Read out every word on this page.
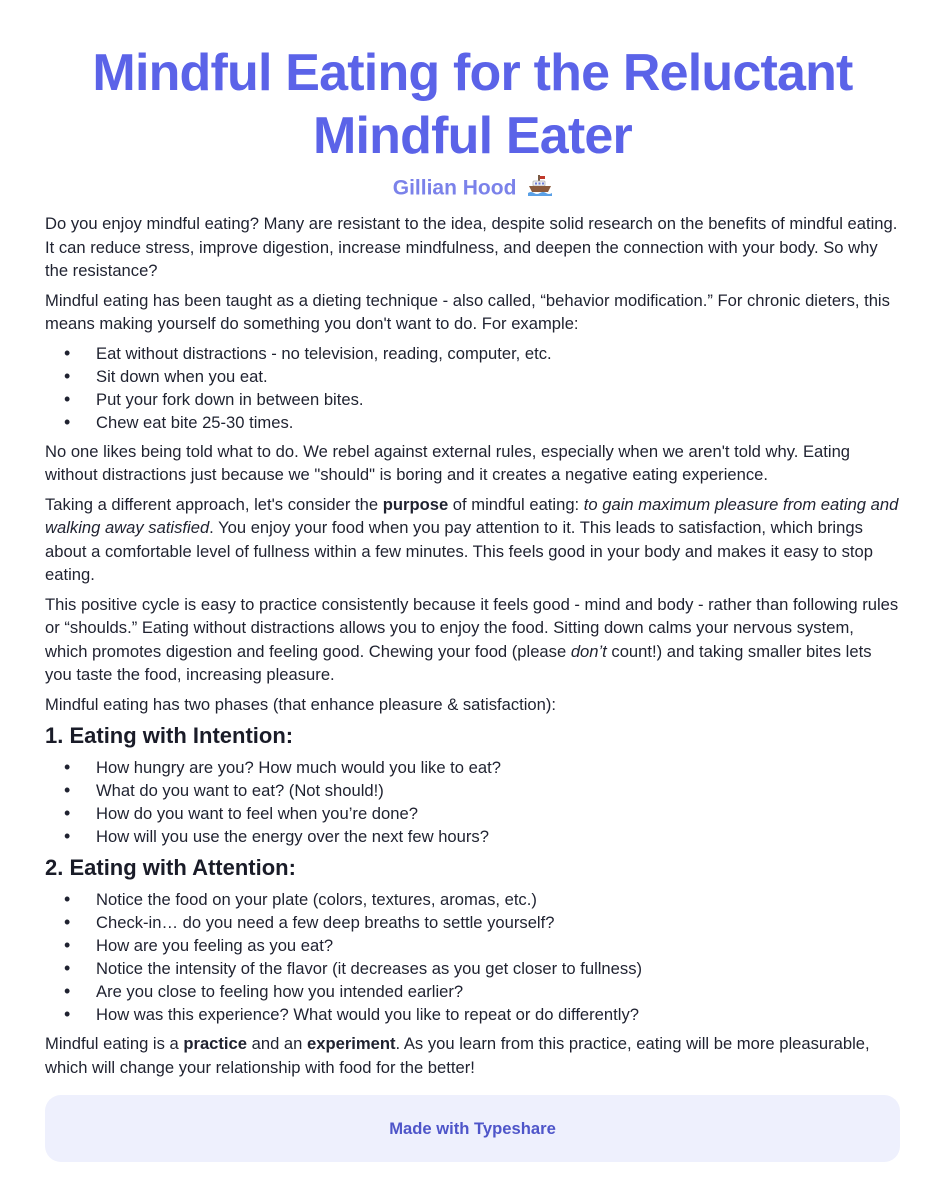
Mindful Eating for the Reluctant Mindful Eater
Gillian Hood

Do you enjoy mindful eating? Many are resistant to the idea, despite solid research on the benefits of mindful eating. It can reduce stress, improve digestion, increase mindfulness, and deepen the connection with your body. So why the resistance?

Mindful eating has been taught as a dieting technique - also called, “behavior modification.” For chronic dieters, this means making yourself do something you don't want to do. For example:

• Eat without distractions - no television, reading, computer, etc.
• Sit down when you eat.
• Put your fork down in between bites.
• Chew eat bite 25-30 times.

No one likes being told what to do. We rebel against external rules, especially when we aren't told why. Eating without distractions just because we "should" is boring and it creates a negative eating experience.

Taking a different approach, let's consider the purpose of mindful eating: to gain maximum pleasure from eating and walking away satisfied. You enjoy your food when you pay attention to it. This leads to satisfaction, which brings about a comfortable level of fullness within a few minutes. This feels good in your body and makes it easy to stop eating.

This positive cycle is easy to practice consistently because it feels good - mind and body - rather than following rules or “shoulds.” Eating without distractions allows you to enjoy the food. Sitting down calms your nervous system, which promotes digestion and feeling good. Chewing your food (please don’t count!) and taking smaller bites lets you taste the food, increasing pleasure.

Mindful eating has two phases (that enhance pleasure & satisfaction):

1. Eating with Intention:
• How hungry are you? How much would you like to eat?
• What do you want to eat? (Not should!)
• How do you want to feel when you’re done?
• How will you use the energy over the next few hours?
2. Eating with Attention:
• Notice the food on your plate (colors, textures, aromas, etc.)
• Check-in… do you need a few deep breaths to settle yourself?
• How are you feeling as you eat?
• Notice the intensity of the flavor (it decreases as you get closer to fullness)
• Are you close to feeling how you intended earlier?
• How was this experience? What would you like to repeat or do differently?

Mindful eating is a practice and an experiment. As you learn from this practice, eating will be more pleasurable, which will change your relationship with food for the better!

Made with Typeshare
